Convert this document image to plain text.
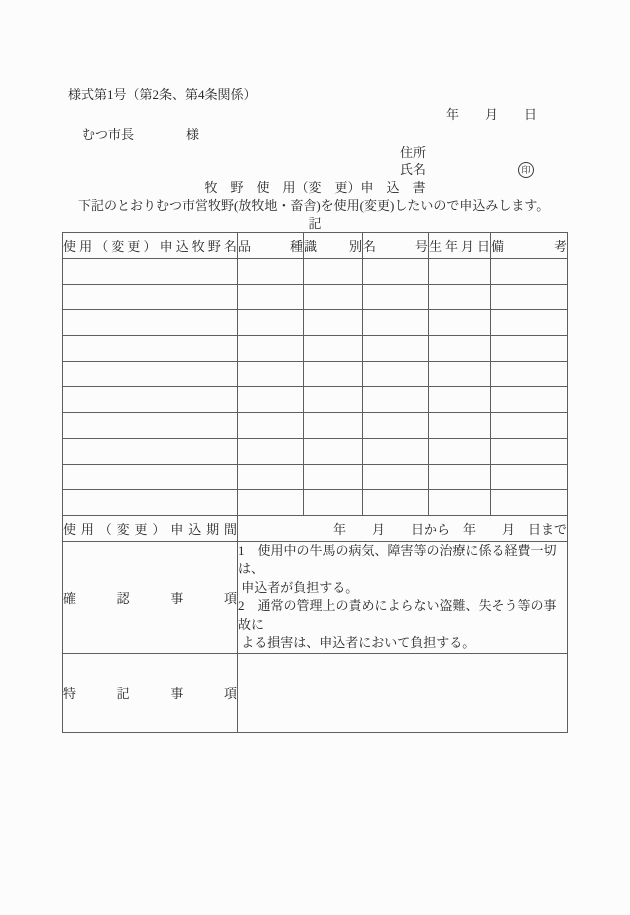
様式第1号（第2条、第4条関係）
年　　月　　日
むつ市長　　　　様
住所
氏名	印
牧　野　使　用（変　更）申　込　書
下記のとおりむつ市営牧野(放牧地・畜舎)を使用(変更)したいので申込みします。
記
使用（変更）申込牧野名	品種	識別	名号	生年月日	備考

使用（変更）申込期間	年　　月　　日から　年　　月　日まで				
確認事項	1　使用中の牛馬の病気、障害等の治療に係る経費一切は、
申込者が負担する。
2　通常の管理上の責めによらない盗難、失そう等の事故に
よる損害は、申込者において負担する。				

特記事項					
